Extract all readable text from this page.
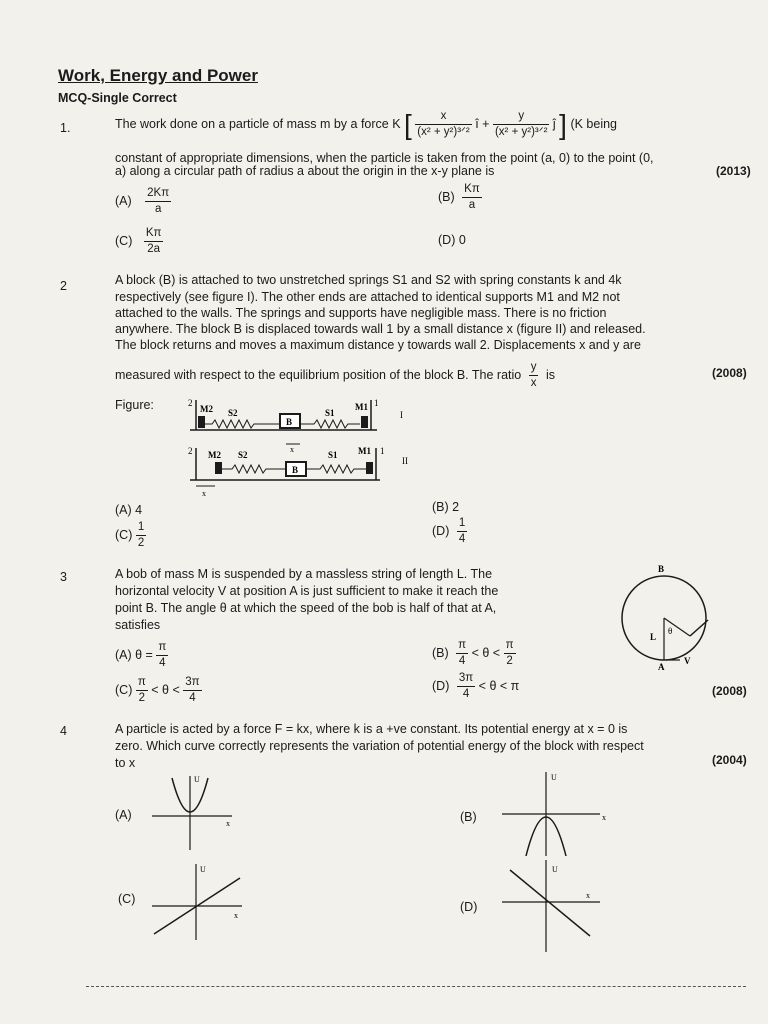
Work, Energy and Power
MCQ-Single Correct
1.	The work done on a particle of mass m by a force K [ $\frac{x}{\text{(x² + y²)³ᐟ²}}$ î + $\frac{y}{\text{(x² + y²)³ᐟ²}}$ ĵ ] (K being
constant of appropriate dimensions, when the particle is taken from the point (a, 0) to the point (0,
a) along a circular path of radius a about the origin in the x-y plane is	(2013)
$(A) \frac{2K\pi}{a}$	$(B) \frac{K\pi}{a}$
$(C) \frac{K\pi}{2a}$	(D) 0
2	A block (B) is attached to two unstretched springs S1 and S2 with spring constants k and 4k
respectively (see figure I). The other ends are attached to identical supports M1 and M2 not
attached to the walls. The springs and supports have negligible mass. There is no friction
anywhere. The block B is displaced towards wall 1 by a small distance x (figure II) and released.
The block returns and moves a maximum distance y towards wall 2. Displacements x and y are
measured with respect to the equilibrium position of the block B. The ratio $\frac{y}{x}$ is	(2008)
Figure:	2
M2 S2
B
S1
M1 1
I
2 M2 S2
B
S1 M1 1
II
x
x
(A) 4	(B) 2
$(C) \frac{1}{2}$	$(D) \frac{1}{4}$
3	A bob of mass M is suspended by a massless string of length L. The
horizontal velocity V at position A is just sufficient to make it reach the
point B. The angle θ at which the speed of the bob is half of that at A,
satisfies
(A) $\theta = \frac{\pi}{4}$	$(B) \frac{\pi}{4} < \theta < \frac{\pi}{2}$
$(C) \frac{\pi}{2} < \theta < \frac{3\pi}{4}$	$(D) \frac{3\pi}{4} < \theta < \pi$	(2008)
B
L
θ
A
V
4	A particle is acted by a force F = kx, where k is a +ve constant. Its potential energy at x = 0 is
zero. Which curve correctly represents the variation of potential energy of the block with respect
to x	(2004)
(A)
U
x	(B)
U
x
(C)
U
x
(D)
U
x
